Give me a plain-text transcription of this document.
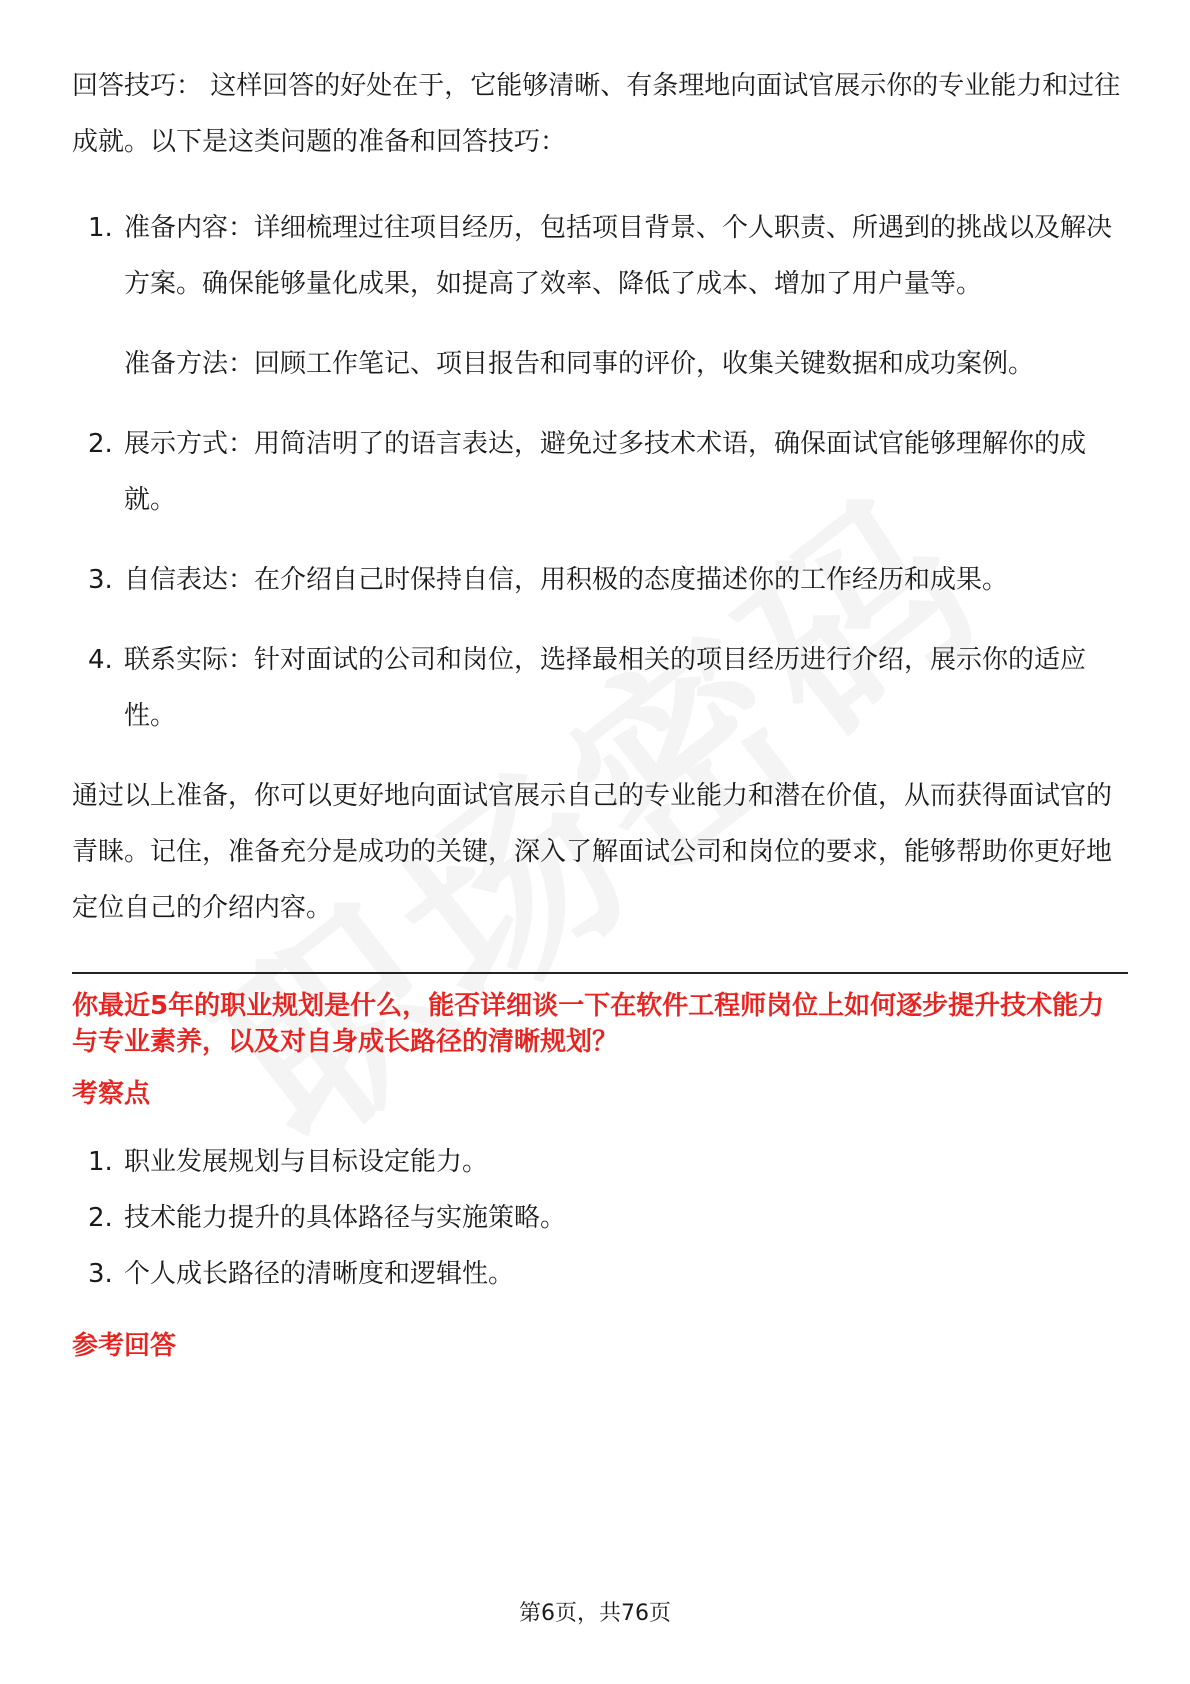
回答技巧： 这样回答的好处在于，它能够清晰、有条理地向面试官展示你的专业能力和过往成就。以下是这类问题的准备和回答技巧：

1. 准备内容：详细梳理过往项目经历，包括项目背景、个人职责、所遇到的挑战以及解决方案。确保能够量化成果，如提高了效率、降低了成本、增加了用户量等。
准备方法：回顾工作笔记、项目报告和同事的评价，收集关键数据和成功案例。
2. 展示方式：用简洁明了的语言表达，避免过多技术术语，确保面试官能够理解你的成就。
3. 自信表达：在介绍自己时保持自信，用积极的态度描述你的工作经历和成果。
4. 联系实际：针对面试的公司和岗位，选择最相关的项目经历进行介绍，展示你的适应性。

通过以上准备，你可以更好地向面试官展示自己的专业能力和潜在价值，从而获得面试官的青睐。记住，准备充分是成功的关键，深入了解面试公司和岗位的要求，能够帮助你更好地定位自己的介绍内容。

你最近5年的职业规划是什么，能否详细谈一下在软件工程师岗位上如何逐步提升技术能力与专业素养，以及对自身成长路径的清晰规划？

考察点

1. 职业发展规划与目标设定能力。
2. 技术能力提升的具体路径与实施策略。
3. 个人成长路径的清晰度和逻辑性。

参考回答

第6页，共76页
